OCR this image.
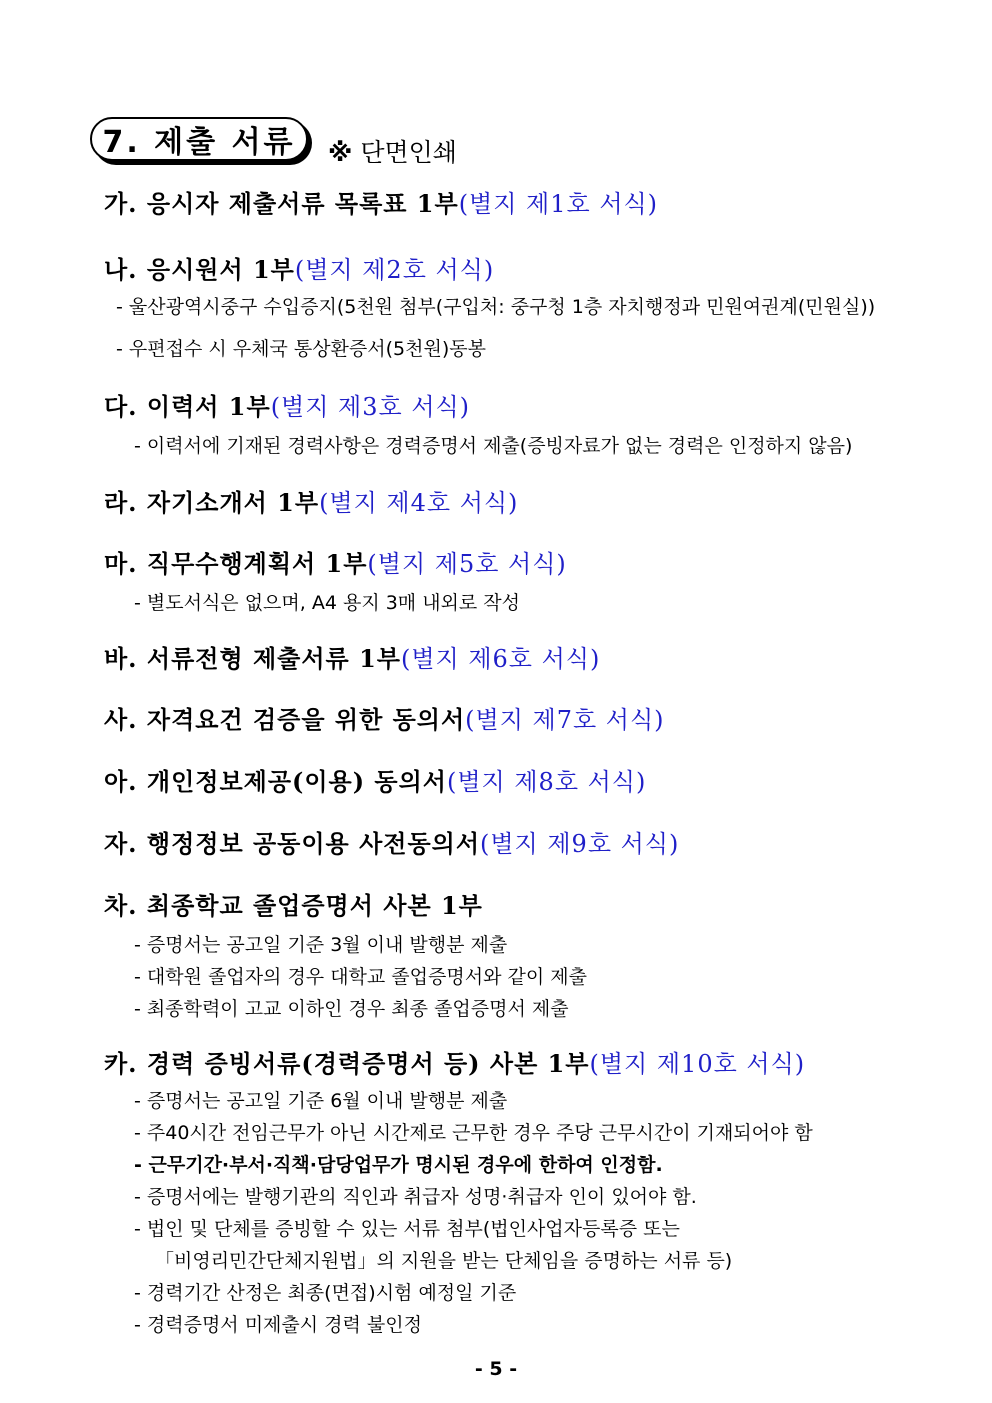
7. 제출 서류 ※ 단면인쇄
가. 응시자 제출서류 목록표 1부(별지 제1호 서식)
나. 응시원서 1부(별지 제2호 서식)
- 울산광역시중구 수입증지(5천원 첨부(구입처: 중구청 1층 자치행정과 민원여권계(민원실))
- 우편접수 시 우체국 통상환증서(5천원)동봉
다. 이력서 1부(별지 제3호 서식)
- 이력서에 기재된 경력사항은 경력증명서 제출(증빙자료가 없는 경력은 인정하지 않음)
라. 자기소개서 1부(별지 제4호 서식)
마. 직무수행계획서 1부(별지 제5호 서식)
- 별도서식은 없으며, A4 용지 3매 내외로 작성
바. 서류전형 제출서류 1부(별지 제6호 서식)
사. 자격요건 검증을 위한 동의서(별지 제7호 서식)
아. 개인정보제공(이용) 동의서(별지 제8호 서식)
자. 행정정보 공동이용 사전동의서(별지 제9호 서식)
차. 최종학교 졸업증명서 사본 1부
- 증명서는 공고일 기준 3월 이내 발행분 제출
- 대학원 졸업자의 경우 대학교 졸업증명서와 같이 제출
- 최종학력이 고교 이하인 경우 최종 졸업증명서 제출
카. 경력 증빙서류(경력증명서 등) 사본 1부(별지 제10호 서식)
- 증명서는 공고일 기준 6월 이내 발행분 제출
- 주40시간 전임근무가 아닌 시간제로 근무한 경우 주당 근무시간이 기재되어야 함
- 근무기간·부서·직책·담당업무가 명시된 경우에 한하여 인정함.
- 증명서에는 발행기관의 직인과 취급자 성명·취급자 인이 있어야 함.
- 법인 및 단체를 증빙할 수 있는 서류 첨부(법인사업자등록증 또는
「비영리민간단체지원법」의 지원을 받는 단체임을 증명하는 서류 등)
- 경력기간 산정은 최종(면접)시험 예정일 기준
- 경력증명서 미제출시 경력 불인정
- 5 -
